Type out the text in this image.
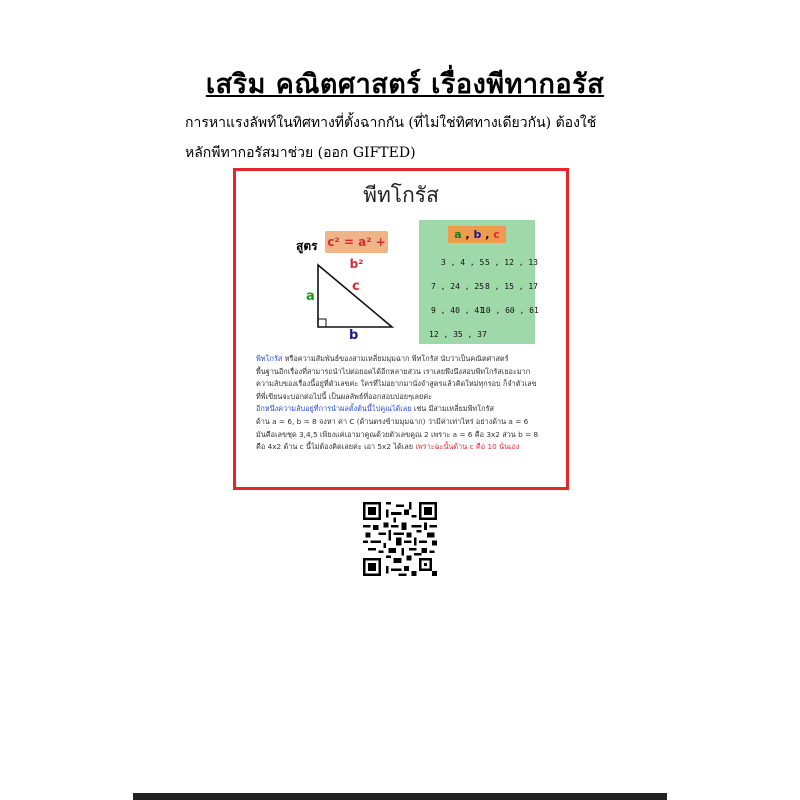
เสริม คณิตศาสตร์ เรื่องพีทากอรัส
การหาแรงลัพท์ในทิศทางที่ตั้งฉากกัน (ที่ไม่ใช่ทิศทางเดียวกัน) ต้องใช้
หลักพีทากอรัสมาช่วย (ออก GIFTED)
พีทโกรัส
สูตร c² = a² + b²
a
c
b
a , b , c
3 , 4 , 5 5 , 12 , 13
7 , 24 , 25 8 , 15 , 17
9 , 40 , 41
10 , 60 , 61
12 , 35 , 37
พีทโกรัส หรือความสัมพันธ์ของสามเหลี่ยมมุมฉาก พีทโกรัส นับว่าเป็นคณิตศาสตร์
พื้นฐานอีกเรื่องที่สามารถนำไปต่อยอดได้อีกหลายส่วน เราเลยพึงนึงสอบพีทโกรัสเยอะมาก
ความลับของเรื่องนี้อยู่ที่ตัวเลขค่ะ ใครที่ไม่อยากมานั่งจำสูตรแล้วคิดใหม่ทุกรอบ ก็จำตัวเลข
ที่พี่เขียนจะบอกต่อไปนี้ เป็นผลลัพธ์ที่ออกสอบบ่อยๆเลยค่ะ
อีกหนึ่งความลับอยู่ที่การนำผลตั้งต้นนี้ไปคูณได้เลย เช่น มีสามเหลี่ยมพีทโกรัส
ด้าน a = 6, b = 8 จงหา ค่า C (ด้านตรงข้ามมุมฉาก) ว่ามีค่าเท่าไหร่ อย่างด้าน a = 6
มันคือเลขชุด 3,4,5 เพียงแค่เอามาคูณด้วยตัวเลขคูณ 2 เพราะ a = 6 คือ 3x2 ส่วน b = 8
คือ 4x2 ด้าน c นี้ไม่ต้องคิดเลยค่ะ เอา 5x2 ได้เลย เพราะฉะนั้นด้าน c คือ 10 นั่นเอง
